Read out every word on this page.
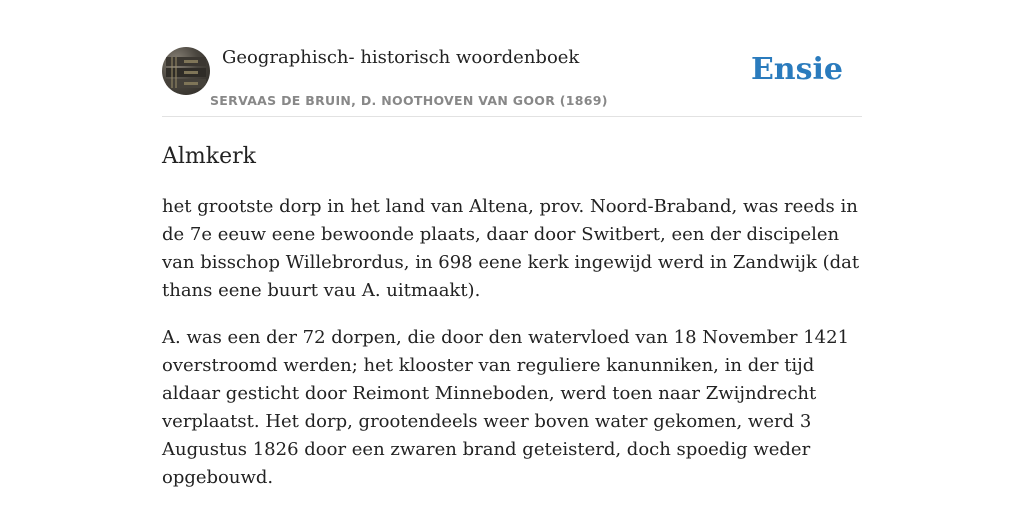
Geographisch- historisch woordenboek
SERVAAS DE BRUIN, D. NOOTHOVEN VAN GOOR (1869)
Ensie
Almkerk

het grootste dorp in het land van Altena, prov. Noord-Braband, was reeds in de 7e eeuw eene bewoonde plaats, daar door Switbert, een der discipelen van bisschop Willebrordus, in 698 eene kerk ingewijd werd in Zandwijk (dat thans eene buurt vau A. uitmaakt).

A. was een der 72 dorpen, die door den watervloed van 18 November 1421 overstroomd werden; het klooster van reguliere kanunniken, in der tijd aldaar gesticht door Reimont Minneboden, werd toen naar Zwijndrecht verplaatst. Het dorp, grootendeels weer boven water gekomen, werd 3 Augustus 1826 door een zwaren brand geteisterd, doch spoedig weder opgebouwd.
